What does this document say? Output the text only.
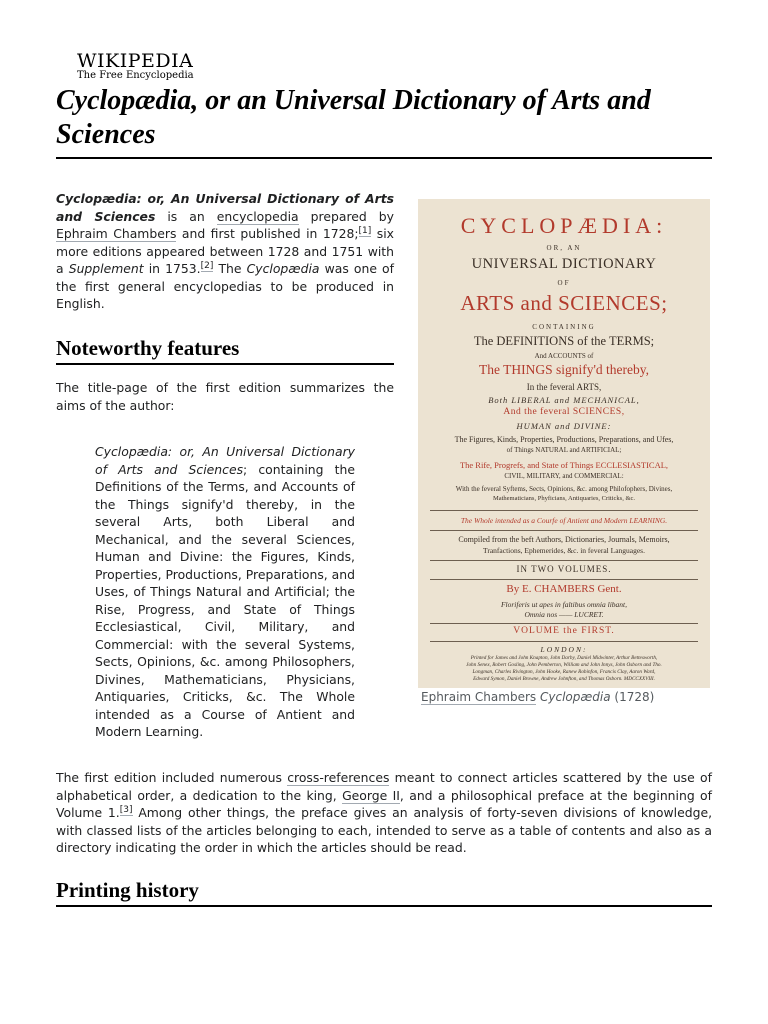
WIKIPEDIA
The Free Encyclopedia
Cyclopædia, or an Universal Dictionary of Arts and Sciences

Cyclopædia: or, An Universal Dictionary of Arts and Sciences is an encyclopedia prepared by Ephraim Chambers and first published in 1728;[1] six more editions appeared between 1728 and 1751 with a Supplement in 1753.[2] The Cyclopædia was one of the first general encyclopedias to be produced in English.

Noteworthy features

The title-page of the first edition summarizes the aims of the author:

Cyclopædia: or, An Universal Dictionary of Arts and Sciences; containing the Definitions of the Terms, and Accounts of the Things signify'd thereby, in the several Arts, both Liberal and Mechanical, and the several Sciences, Human and Divine: the Figures, Kinds, Properties, Productions, Preparations, and Uses, of Things Natural and Artificial; the Rise, Progress, and State of Things Ecclesiastical, Civil, Military, and Commercial: with the several Systems, Sects, Opinions, &c. among Philosophers, Divines, Mathematicians, Physicians, Antiquaries, Criticks, &c. The Whole intended as a Course of Antient and Modern Learning.

CYCLOPÆDIA:
OR, AN
UNIVERSAL DICTIONARY
OF
ARTS and SCIENCES;
CONTAINING
The DEFINITIONS of the TERMS;
And ACCOUNTS of
The THINGS signify'd thereby,
In the feveral ARTS,
Both LIBERAL and MECHANICAL,
And the feveral SCIENCES,
HUMAN and DIVINE:
The Figures, Kinds, Properties, Productions, Preparations, and Ufes,
of Things NATURAL and ARTIFICIAL;
The Rife, Progrefs, and State of Things ECCLESIASTICAL,
CIVIL, MILITARY, and COMMERCIAL:
With the feveral Syftems, Sects, Opinions, &c. among Philofophers, Divines,
Mathematicians, Phyficians, Antiquaries, Criticks, &c.
The Whole intended as a Courfe of Antient and Modern LEARNING.
Compiled from the beft Authors, Dictionaries, Journals, Memoirs,
Tranfactions, Ephemerides, &c. in feveral Languages.
IN TWO VOLUMES.
By E. CHAMBERS Gent.
Floriferis ut apes in faltibus omnia libant,
Omnia nos —— LUCRET.
VOLUME the FIRST.
LONDON:
Printed for James and John Knapton, John Darby, Daniel Midwinter, Arthur Bettesworth,
John Senex, Robert Gosling, John Pemberton, William and John Innys, John Osborn and Tho.
Longman, Charles Rivington, John Hooke, Ranew Robinfon, Francis Clay, Aaron Ward,
Edward Symon, Daniel Browne, Andrew Johnfton, and Thomas Osborn. MDCCXXVIII.
Ephraim Chambers Cyclopædia (1728)

The first edition included numerous cross-references meant to connect articles scattered by the use of alphabetical order, a dedication to the king, George II, and a philosophical preface at the beginning of Volume 1.[3] Among other things, the preface gives an analysis of forty-seven divisions of knowledge, with classed lists of the articles belonging to each, intended to serve as a table of contents and also as a directory indicating the order in which the articles should be read.

Printing history
